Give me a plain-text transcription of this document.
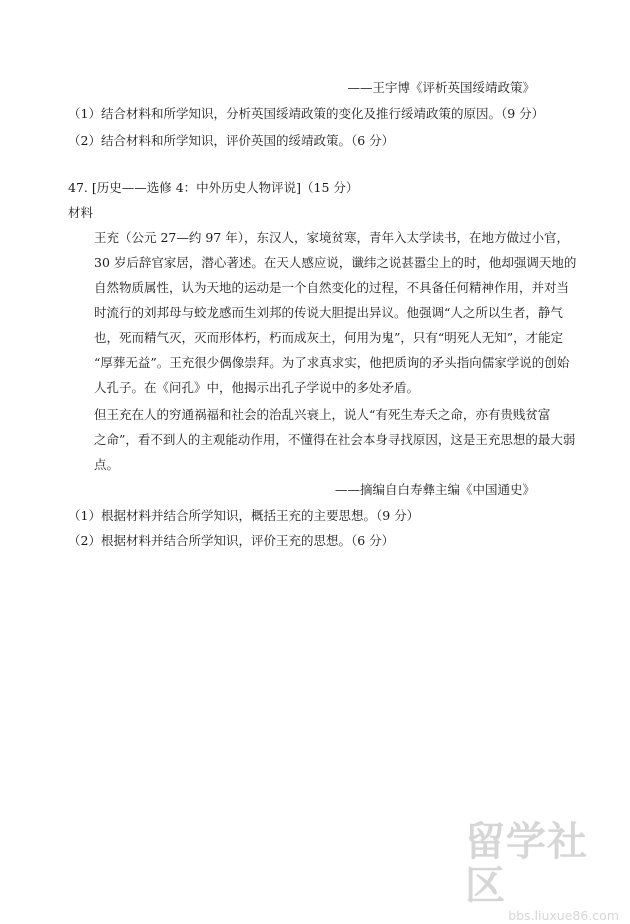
——王宇博《评析英国绥靖政策》
（1）结合材料和所学知识，分析英国绥靖政策的变化及推行绥靖政策的原因。（9 分）
（2）结合材料和所学知识，评价英国的绥靖政策。（6 分）
47. [历史——选修 4：中外历史人物评说]（15 分）
材料
王充（公元 27—约 97 年），东汉人，家境贫寒，青年入太学读书，在地方做过小官，
30 岁后辞官家居，潜心著述。在天人感应说，谶纬之说甚嚣尘上的时，他却强调天地的
自然物质属性，认为天地的运动是一个自然变化的过程，不具备任何精神作用，并对当
时流行的刘邦母与蛟龙感而生刘邦的传说大胆提出异议。他强调“人之所以生者，静气
也，死而精气灭，灭而形体朽，朽而成灰土，何用为鬼”，只有“明死人无知”，才能定
“厚葬无益”。王充很少偶像崇拜。为了求真求实，他把质询的矛头指向儒家学说的创始
人孔子。在《问孔》中，他揭示出孔子学说中的多处矛盾。
但王充在人的穷通祸福和社会的治乱兴衰上，说人“有死生寿夭之命，亦有贵贱贫富
之命”，看不到人的主观能动作用，不懂得在社会本身寻找原因，这是王充思想的最大弱
点。
——摘编自白寿彝主编《中国通史》
（1）根据材料并结合所学知识，概括王充的主要思想。（9 分）
（2）根据材料并结合所学知识，评价王充的思想。（6 分）
留学社区
bbs.liuxue86.com
